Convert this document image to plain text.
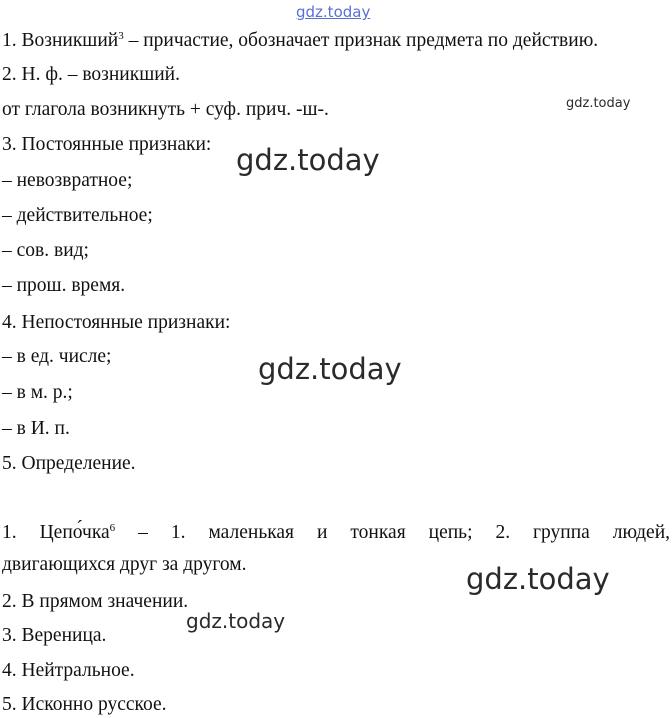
gdz.today
gdz.today
gdz.today
gdz.today
gdz.today
gdz.today
1. Возникший$^3$ – причастие, обозначает признак предмета по действию.
2. Н. ф. – возникший.
от глагола возникнуть + суф. прич. -ш-.
3. Постоянные признаки:
– невозвратное;
– действительное;
– сов. вид;
– прош. время.
4. Непостоянные признаки:
– в ед. числе;
– в м. р.;
– в И. п.
5. Определение.
1. Цепо́чка$^6$ – 1. маленькая и тонкая цепь; 2. группа людей,
двигающихся друг за другом.
2. В прямом значении.
3. Вереница.
4. Нейтральное.
5. Исконно русское.
